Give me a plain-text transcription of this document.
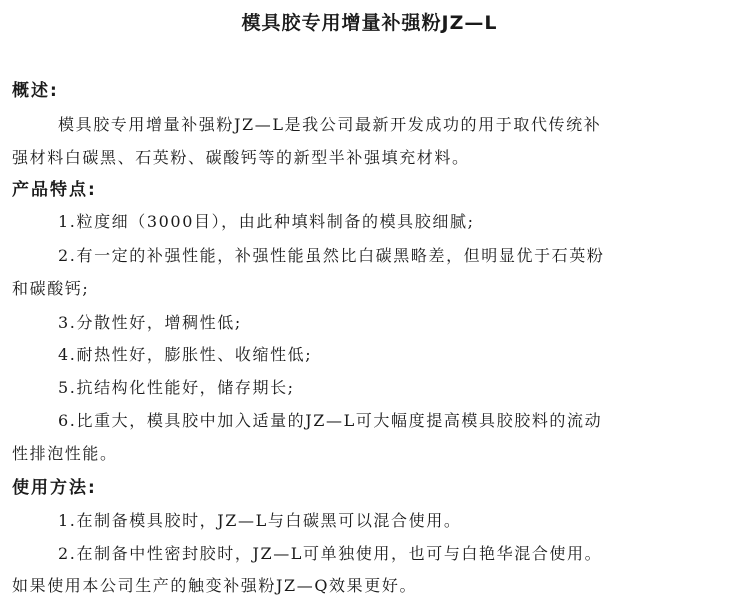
模具胶专用增量补强粉JZ—L
概述:
模具胶专用增量补强粉JZ—L是我公司最新开发成功的用于取代传统补
强材料白碳黑、石英粉、碳酸钙等的新型半补强填充材料。
产品特点:
1.粒度细（3000目），由此种填料制备的模具胶细腻;
2.有一定的补强性能，补强性能虽然比白碳黑略差，但明显优于石英粉
和碳酸钙;
3.分散性好，增稠性低;
4.耐热性好，膨胀性、收缩性低;
5.抗结构化性能好，储存期长;
6.比重大，模具胶中加入适量的JZ—L可大幅度提高模具胶胶料的流动
性排泡性能。
使用方法:
1.在制备模具胶时，JZ—L与白碳黑可以混合使用。
2.在制备中性密封胶时，JZ—L可单独使用，也可与白艳华混合使用。
如果使用本公司生产的触变补强粉JZ—Q效果更好。
